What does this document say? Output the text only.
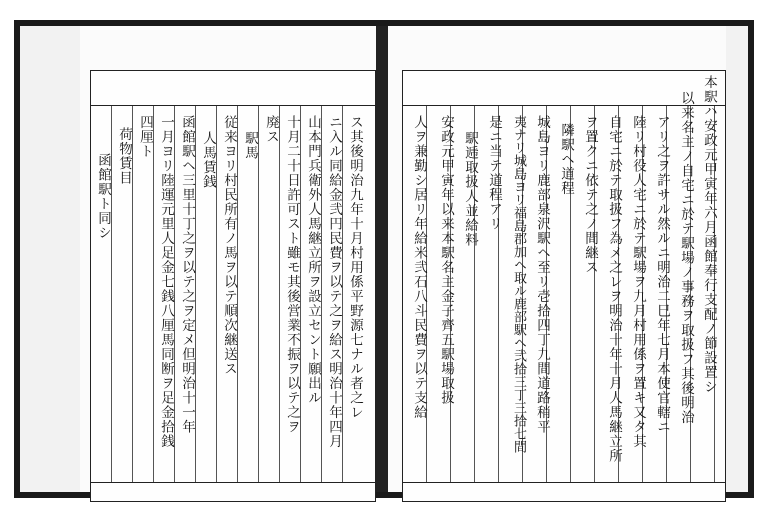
ス其後明治九年十月村用係平野源七ナル者之レ
ニ入ル同給金弐円民費ヲ以テ之ヲ給ス明治十年四月
山本門兵衛外人馬継立所ヲ設立セント願出ル
十月二十日許可スト雖モ其後営業不振ヲ以テ之ヲ
廃ス
駅馬
従来ヨリ村民所有ノ馬ヲ以テ順次継送ス
人馬賃銭
函館駅ヘ三里十丁之ヲ以テ之ヲ定メ但明治十一年
一月ヨリ陸運元里人足金七銭八厘馬同断ヲ足金拾銭
四厘ト
荷物賃目
函館駅ト同シ	本駅ハ安政元甲寅年六月函館奉行支配ノ節設置シ
以来名主ノ自宅ニ於テ駅場ノ事務ヲ取扱フ其後明治
アリ之ヲ許サル然ルニ明治二巳年七月本使官轄ニ
陸リ村役人宅ニ於テ駅場ヲ九月村用係ヲ置キ又タ其
自宅ニ於テ取扱フ為メ之レヲ明治十年十月人馬継立所
ヲ置クニ依テ之ノ間継ス
隣駅ヘ道程
城島ヨリ鹿部泉沢駅ヘ至リ壱拾四丁九間道路稍平
夷ナリ城島ヨリ福島郡加ヘ取ル鹿部駅ヘ弐拾三丁三拾七間
是ニ当テ道程アリ
駅逓取扱人並給料
安政元甲寅年以来本駅名主金子齊五駅場取扱
人ヲ兼勤シ居リ年給米弐石八斗民費ヲ以テ支給
